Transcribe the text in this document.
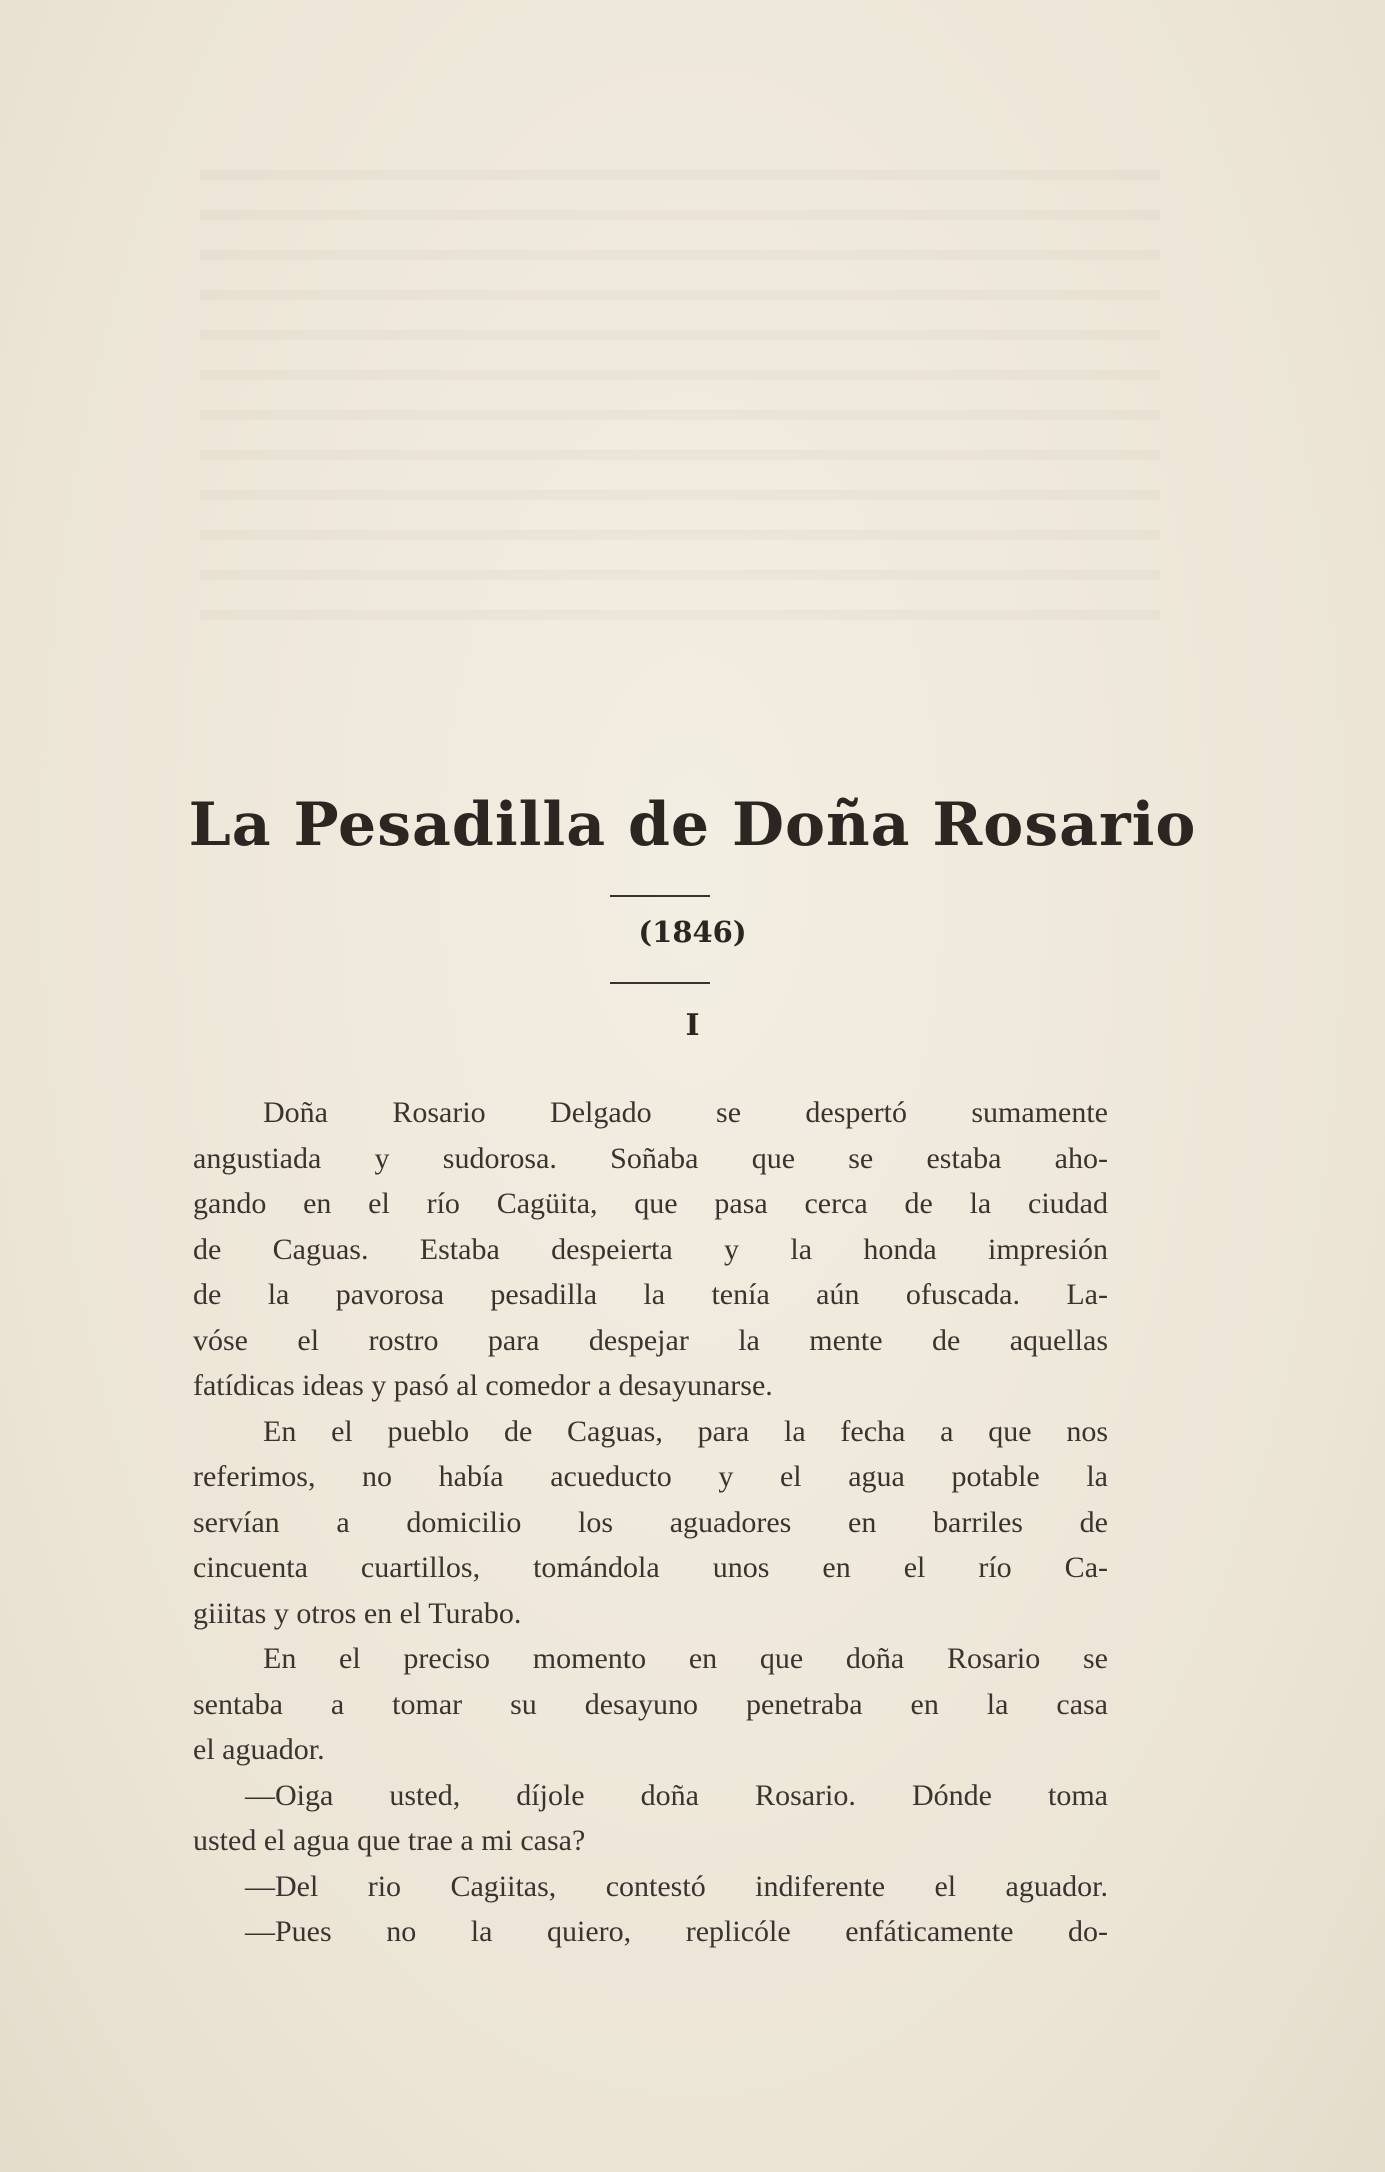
La Pesadilla de Doña Rosario
(1846)
I
Doña Rosario Delgado se despertó sumamente
angustiada y sudorosa. Soñaba que se estaba aho-
gando en el río Cagüita, que pasa cerca de la ciudad
de Caguas. Estaba despeierta y la honda impresión
de la pavorosa pesadilla la tenía aún ofuscada. La-
vóse el rostro para despejar la mente de aquellas
fatídicas ideas y pasó al comedor a desayunarse.
En el pueblo de Caguas, para la fecha a que nos
referimos, no había acueducto y el agua potable la
servían a domicilio los aguadores en barriles de
cincuenta cuartillos, tomándola unos en el río Ca-
giiitas y otros en el Turabo.
En el preciso momento en que doña Rosario se
sentaba a tomar su desayuno penetraba en la casa
el aguador.
—Oiga usted, díjole doña Rosario. Dónde toma
usted el agua que trae a mi casa?
—Del rio Cagiitas, contestó indiferente el aguador.
—Pues no la quiero, replicóle enfáticamente do-
